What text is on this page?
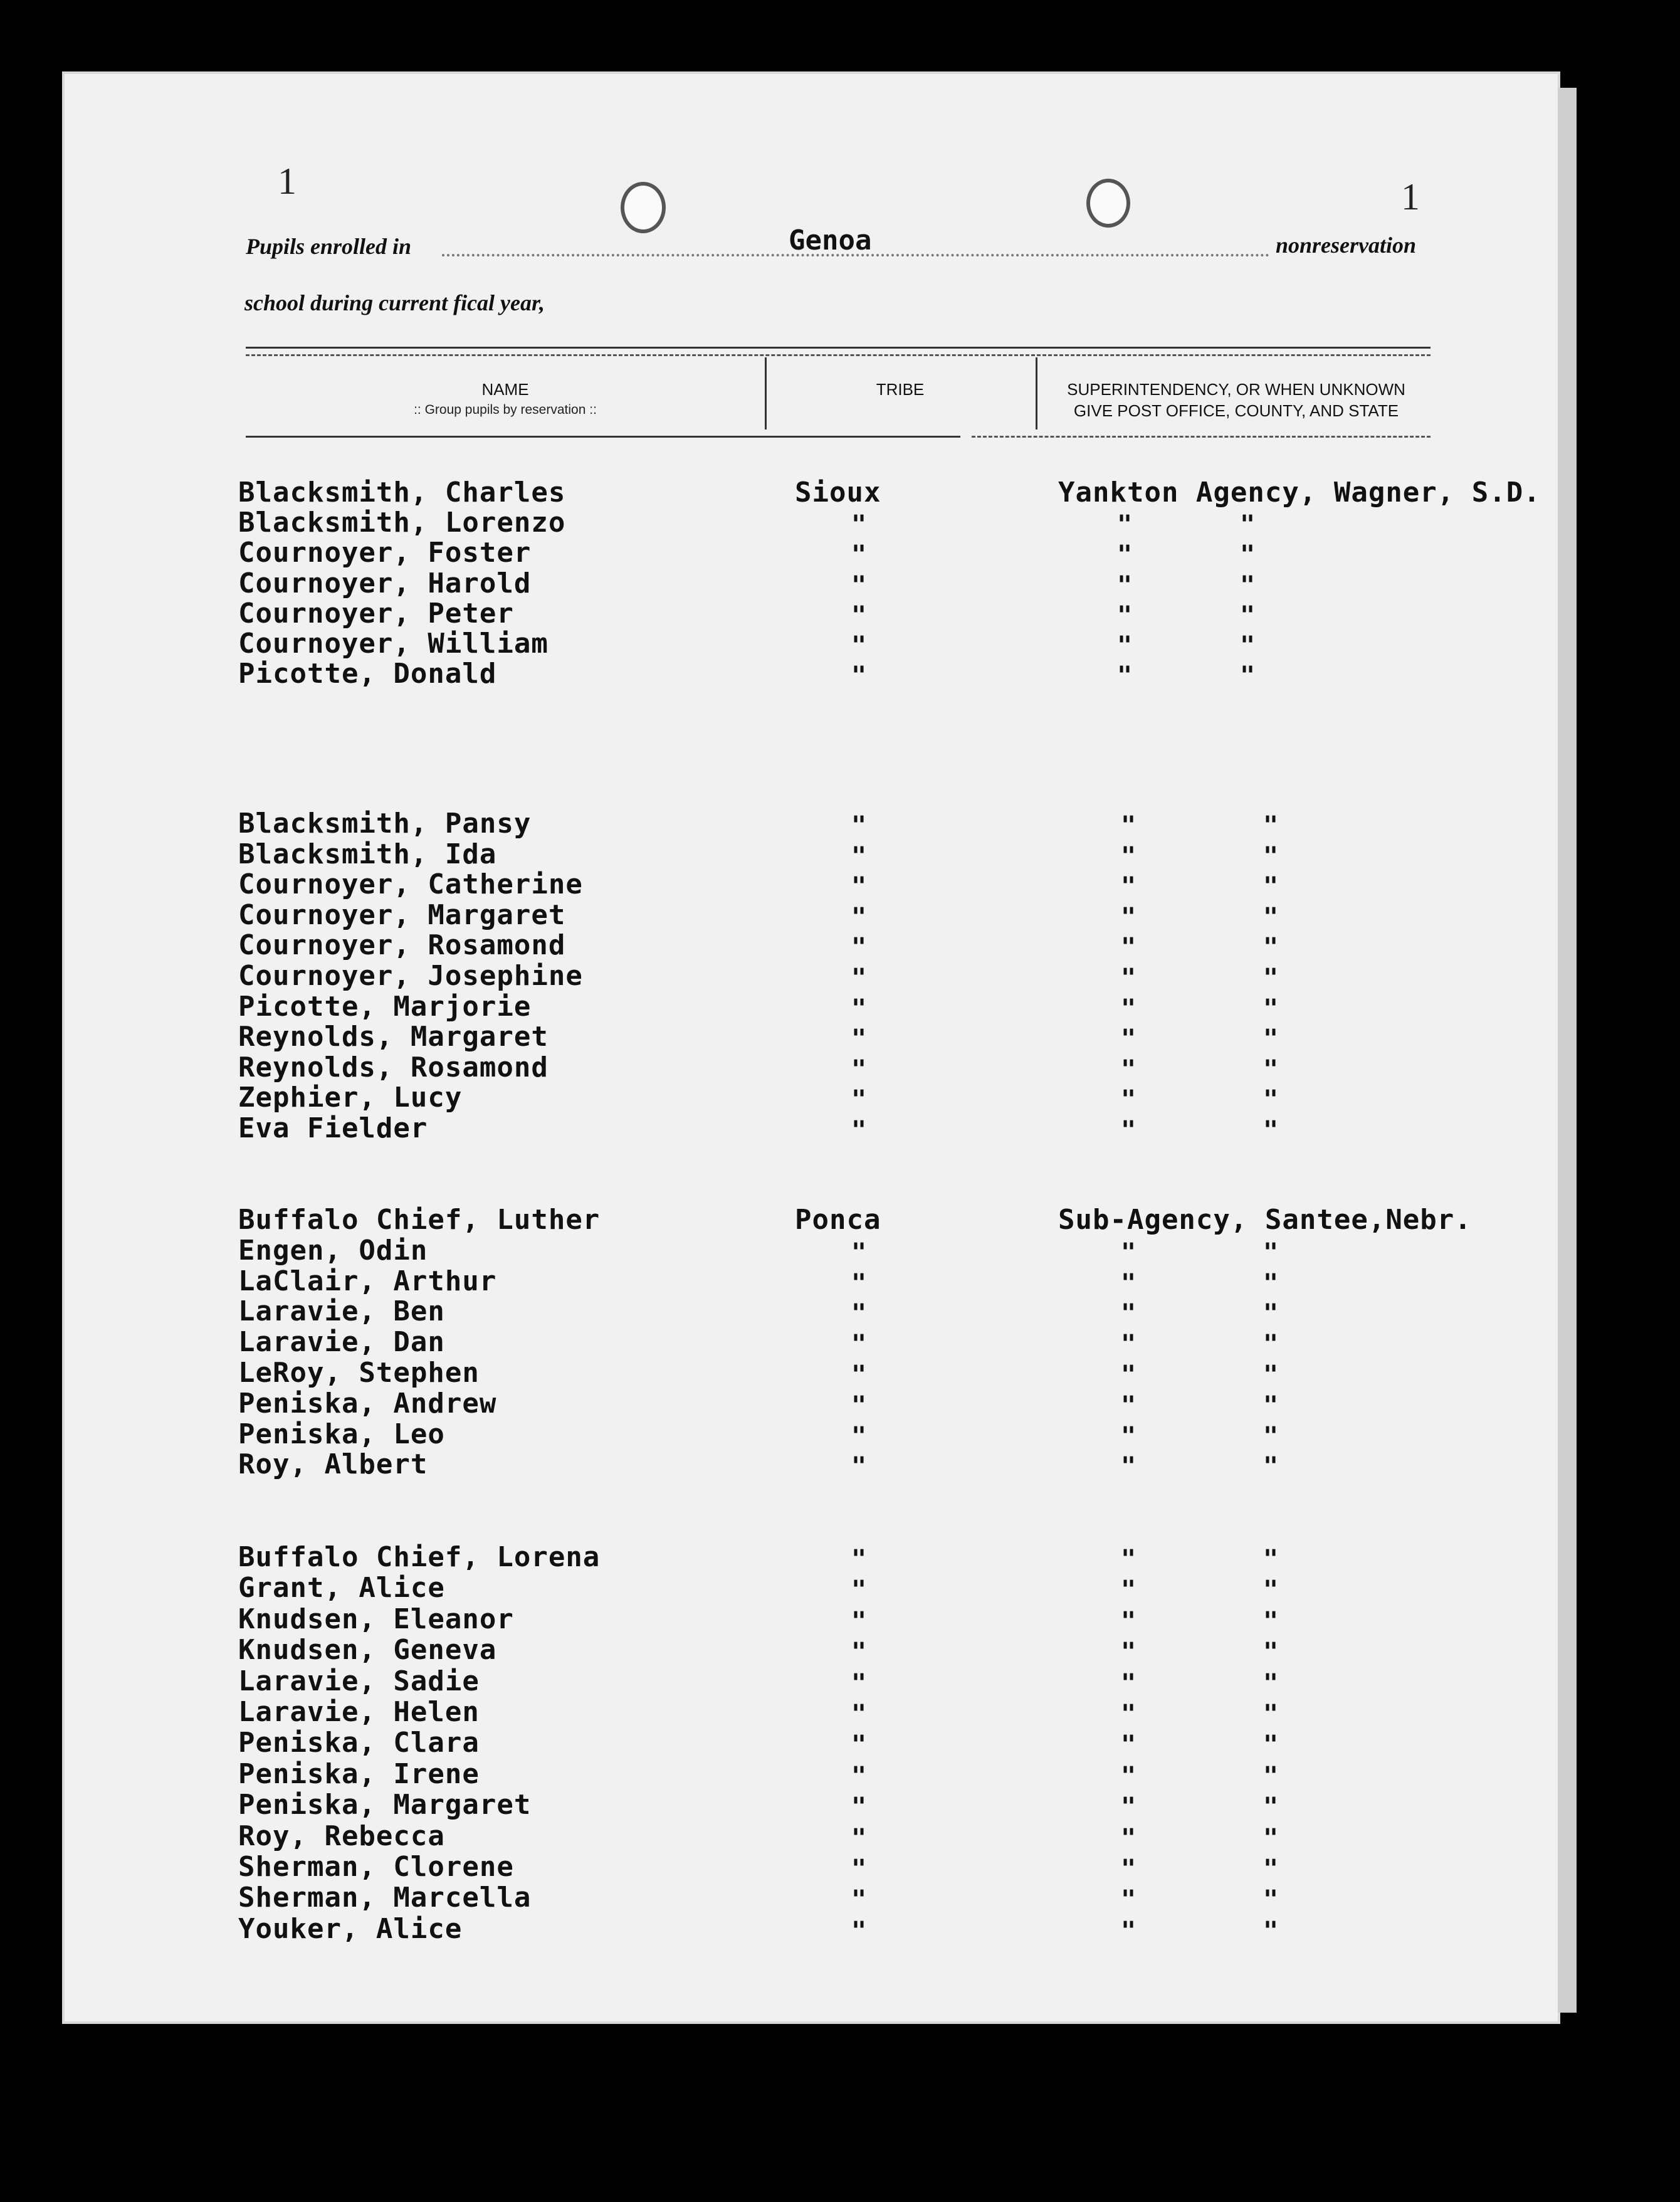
1	1
Pupils enrolled in	Genoa	nonreservation
school during current fical year,
NAME
:: Group pupils by reservation ::
TRIBE	SUPERINTENDENCY, OR WHEN UNKNOWN
GIVE POST OFFICE, COUNTY, AND STATE
Blacksmith, Charles	Sioux	Yankton Agency, Wagner, S.D.
Blacksmith, Lorenzo	"	"	"
Cournoyer, Foster	"	"	"
Cournoyer, Harold	"	"	"
Cournoyer, Peter	"	"	"
Cournoyer, William	"	"	"
Picotte, Donald	"	"	"
Blacksmith, Pansy	"	"	"
Blacksmith, Ida	"	"	"
Cournoyer, Catherine	"	"	"
Cournoyer, Margaret	"	"	"
Cournoyer, Rosamond	"	"	"
Cournoyer, Josephine	"	"	"
Picotte, Marjorie	"	"	"
Reynolds, Margaret	"	"	"
Reynolds, Rosamond	"	"	"
Zephier, Lucy	"	"	"
Eva Fielder	"	"	"
Buffalo Chief, Luther	Ponca	Sub-Agency, Santee,Nebr.
Engen, Odin	"	"	"
LaClair, Arthur	"	"	"
Laravie, Ben	"	"	"
Laravie, Dan	"	"	"
LeRoy, Stephen	"	"	"
Peniska, Andrew	"	"	"
Peniska, Leo	"	"	"
Roy, Albert	"	"	"
Buffalo Chief, Lorena	"	"	"
Grant, Alice	"	"	"
Knudsen, Eleanor	"	"	"
Knudsen, Geneva	"	"	"
Laravie, Sadie	"	"	"
Laravie, Helen	"	"	"
Peniska, Clara	"	"	"
Peniska, Irene	"	"	"
Peniska, Margaret	"	"	"
Roy, Rebecca	"	"	"
Sherman, Clorene	"	"	"
Sherman, Marcella	"	"	"
Youker, Alice	"	"	"
